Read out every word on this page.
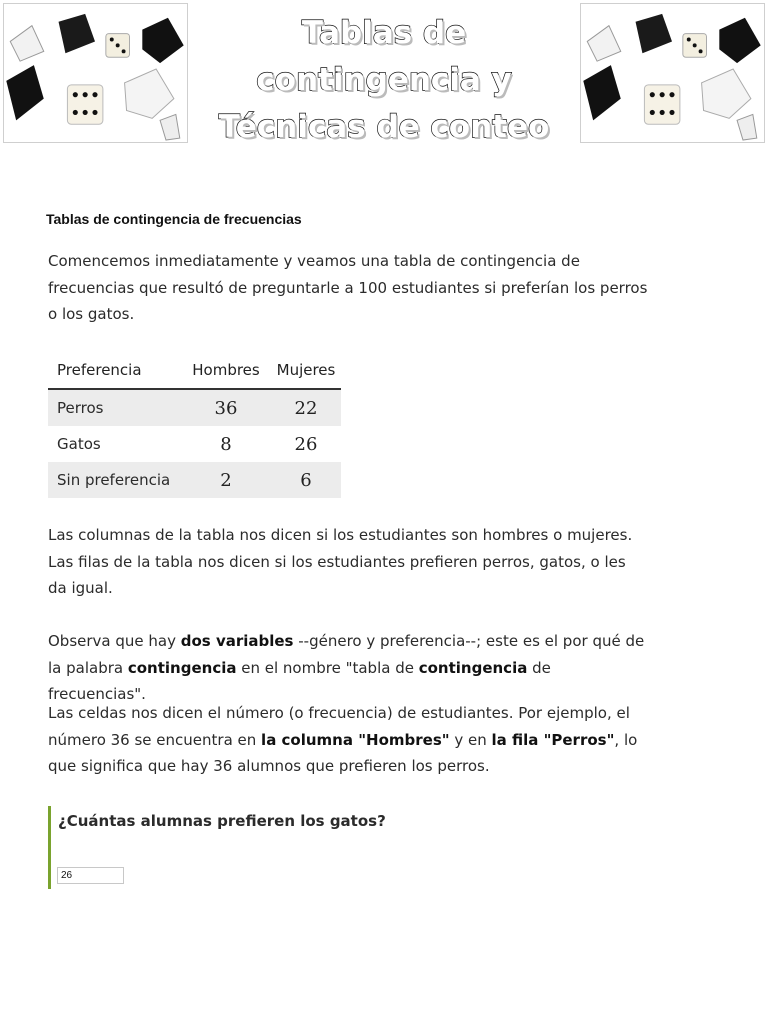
Tablas de
contingencia y
Técnicas de conteo
Tablas de contingencia de frecuencias
Comencemos inmediatamente y veamos una tabla de contingencia de frecuencias que resultó de preguntarle a 100 estudiantes si preferían los perros o los gatos.
Preferencia	Hombres	Mujeres
Perros	36	22
Gatos	8	26
Sin preferencia	2	6
Las columnas de la tabla nos dicen si los estudiantes son hombres o mujeres. Las filas de la tabla nos dicen si los estudiantes prefieren perros, gatos, o les da igual.
Observa que hay dos variables --género y preferencia--; este es el por qué de la palabra contingencia en el nombre "tabla de contingencia de frecuencias".
Las celdas nos dicen el número (o frecuencia) de estudiantes. Por ejemplo, el número 36 se encuentra en la columna "Hombres" y en la fila "Perros", lo que significa que hay 36 alumnos que prefieren los perros.
¿Cuántas alumnas prefieren los gatos?
26
